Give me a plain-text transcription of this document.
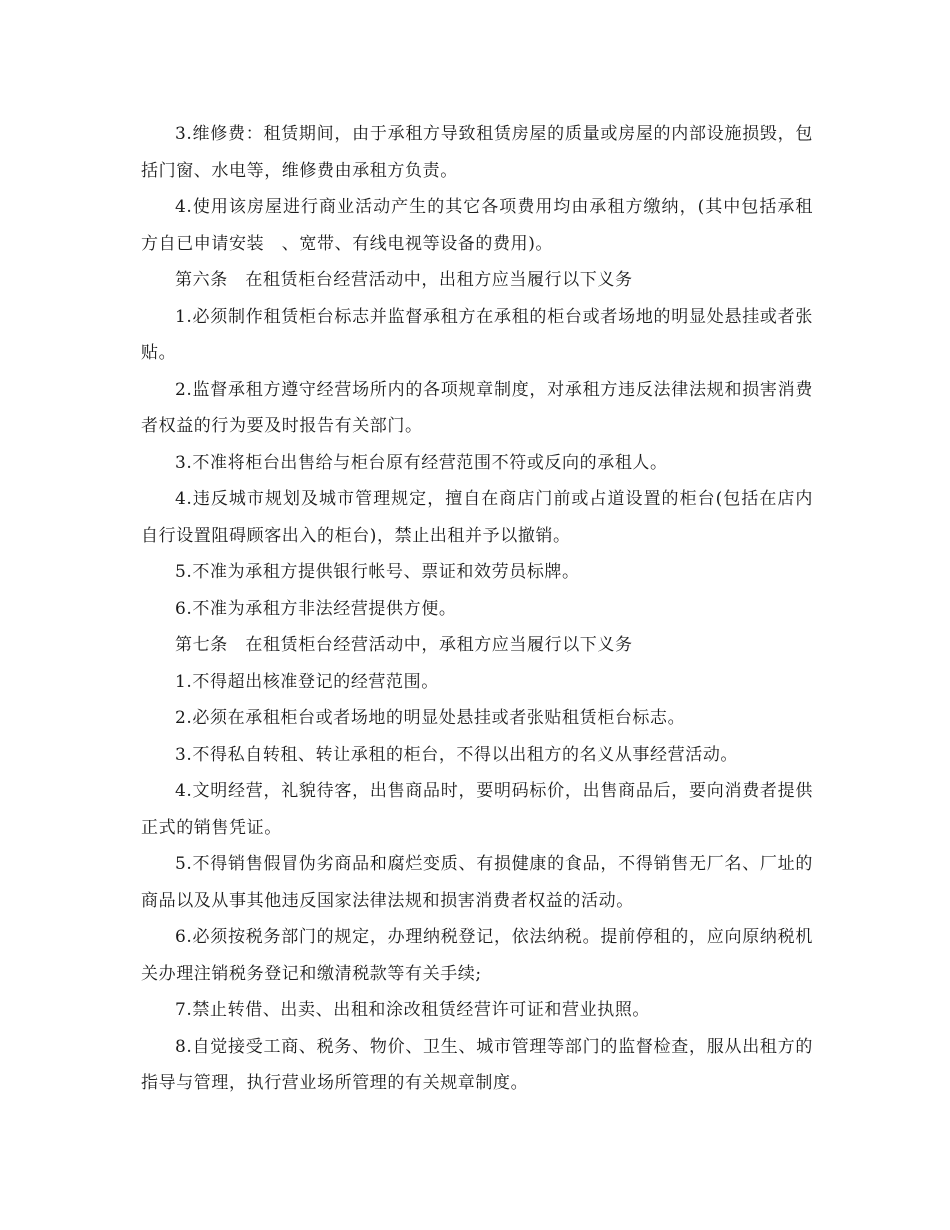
3.维修费：租赁期间，由于承租方导致租赁房屋的质量或房屋的内部设施损毁，包括门窗、水电等，维修费由承租方负责。

4.使用该房屋进行商业活动产生的其它各项费用均由承租方缴纳，(其中包括承租方自已申请安装　、宽带、有线电视等设备的费用)。

第六条　在租赁柜台经营活动中，出租方应当履行以下义务

1.必须制作租赁柜台标志并监督承租方在承租的柜台或者场地的明显处悬挂或者张贴。

2.监督承租方遵守经营场所内的各项规章制度，对承租方违反法律法规和损害消费者权益的行为要及时报告有关部门。

3.不准将柜台出售给与柜台原有经营范围不符或反向的承租人。

4.违反城市规划及城市管理规定，擅自在商店门前或占道设置的柜台(包括在店内自行设置阻碍顾客出入的柜台)，禁止出租并予以撤销。

5.不准为承租方提供银行帐号、票证和效劳员标牌。

6.不准为承租方非法经营提供方便。

第七条　在租赁柜台经营活动中，承租方应当履行以下义务

1.不得超出核准登记的经营范围。

2.必须在承租柜台或者场地的明显处悬挂或者张贴租赁柜台标志。

3.不得私自转租、转让承租的柜台，不得以出租方的名义从事经营活动。

4.文明经营，礼貌待客，出售商品时，要明码标价，出售商品后，要向消费者提供正式的销售凭证。

5.不得销售假冒伪劣商品和腐烂变质、有损健康的食品，不得销售无厂名、厂址的商品以及从事其他违反国家法律法规和损害消费者权益的活动。

6.必须按税务部门的规定，办理纳税登记，依法纳税。提前停租的，应向原纳税机关办理注销税务登记和缴清税款等有关手续;

7.禁止转借、出卖、出租和涂改租赁经营许可证和营业执照。

8.自觉接受工商、税务、物价、卫生、城市管理等部门的监督检查，服从出租方的指导与管理，执行营业场所管理的有关规章制度。
